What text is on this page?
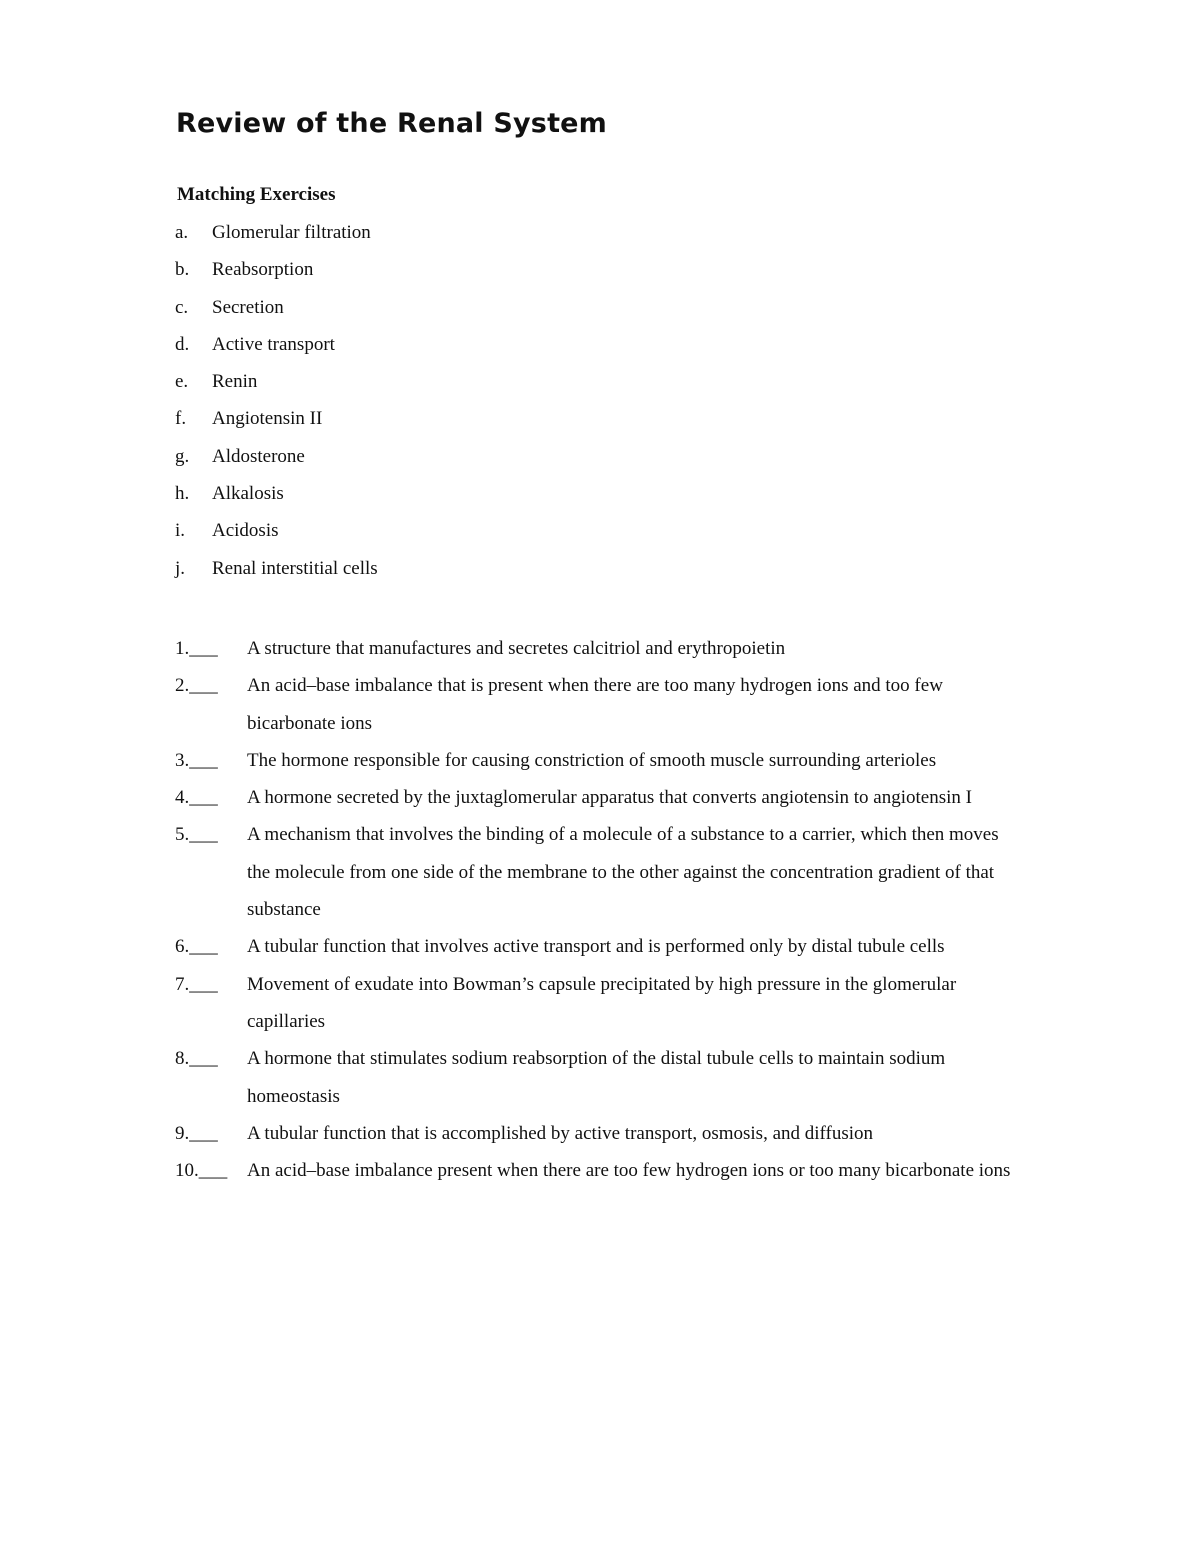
Review of the Renal System
Matching Exercises
a.	Glomerular filtration
b.	Reabsorption
c.	Secretion
d.	Active transport
e.	Renin
f.	Angiotensin II
g.	Aldosterone
h.	Alkalosis
i.	Acidosis
j.	Renal interstitial cells
1.___	A structure that manufactures and secretes calcitriol and erythropoietin
2.___	An acid–base imbalance that is present when there are too many hydrogen ions and too few bicarbonate ions
3.___	The hormone responsible for causing constriction of smooth muscle surrounding arterioles
4.___	A hormone secreted by the juxtaglomerular apparatus that converts angiotensin to angiotensin I
5.___	A mechanism that involves the binding of a molecule of a substance to a carrier, which then moves the molecule from one side of the membrane to the other against the concentration gradient of that substance
6.___	A tubular function that involves active transport and is performed only by distal tubule cells
7.___	Movement of exudate into Bowman’s capsule precipitated by high pressure in the glomerular capillaries
8.___	A hormone that stimulates sodium reabsorption of the distal tubule cells to maintain sodium homeostasis
9.___	A tubular function that is accomplished by active transport, osmosis, and diffusion
10.___	An acid–base imbalance present when there are too few hydrogen ions or too many bicarbonate ions
